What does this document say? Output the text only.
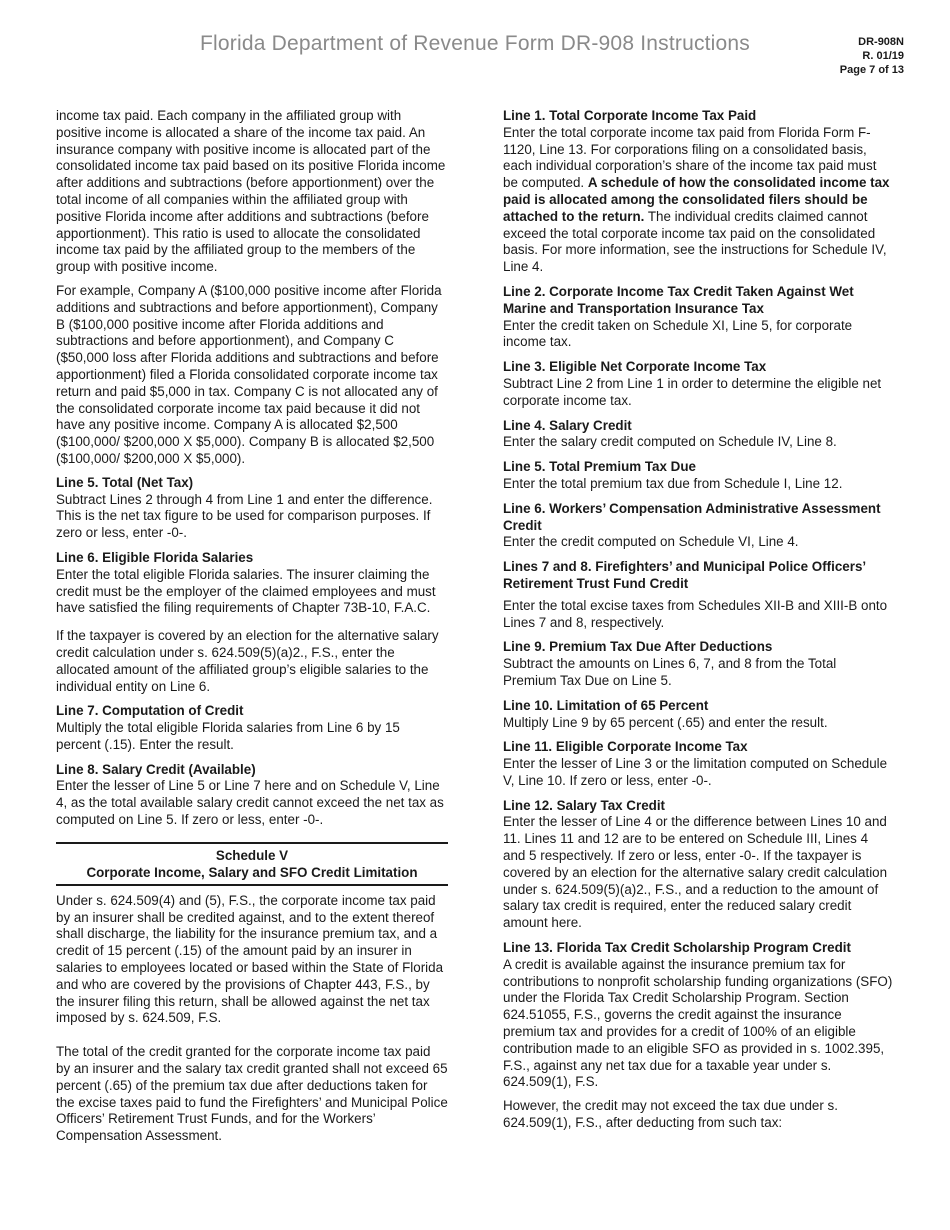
Florida Department of Revenue Form DR-908 Instructions	DR-908N
R. 01/19
Page 7 of 13

income tax paid. Each company in the affiliated group with positive income is allocated a share of the income tax paid. An insurance company with positive income is allocated part of the consolidated income tax paid based on its positive Florida income after additions and subtractions (before apportionment) over the total income of all companies within the affiliated group with positive Florida income after additions and subtractions (before apportionment). This ratio is used to allocate the consolidated income tax paid by the affiliated group to the members of the group with positive income.

For example, Company A ($100,000 positive income after Florida additions and subtractions and before apportionment), Company B ($100,000 positive income after Florida additions and subtractions and before apportionment), and Company C ($50,000 loss after Florida additions and subtractions and before apportionment) filed a Florida consolidated corporate income tax return and paid $5,000 in tax. Company C is not allocated any of the consolidated corporate income tax paid because it did not have any positive income. Company A is allocated $2,500 ($100,000/ $200,000 X $5,000). Company B is allocated $2,500 ($100,000/ $200,000 X $5,000).

Line 5. Total (Net Tax)
Subtract Lines 2 through 4 from Line 1 and enter the difference. This is the net tax figure to be used for comparison purposes. If zero or less, enter -0-.
Line 6. Eligible Florida Salaries

Enter the total eligible Florida salaries. The insurer claiming the credit must be the employer of the claimed employees and must have satisfied the filing requirements of Chapter 73B-10, F.A.C.

If the taxpayer is covered by an election for the alternative salary credit calculation under s. 624.509(5)(a)2., F.S., enter the allocated amount of the affiliated group’s eligible salaries to the individual entity on Line 6.

Line 7. Computation of Credit
Multiply the total eligible Florida salaries from Line 6 by 15 percent (.15). Enter the result.
Line 8. Salary Credit (Available)
Enter the lesser of Line 5 or Line 7 here and on Schedule V, Line 4, as the total available salary credit cannot exceed the net tax as computed on Line 5. If zero or less, enter -0-.
Schedule V
Corporate Income, Salary and SFO Credit Limitation

Under s. 624.509(4) and (5), F.S., the corporate income tax paid by an insurer shall be credited against, and to the extent thereof shall discharge, the liability for the insurance premium tax, and a credit of 15 percent (.15) of the amount paid by an insurer in salaries to employees located or based within the State of Florida and who are covered by the provisions of Chapter 443, F.S., by the insurer filing this return, shall be allowed against the net tax imposed by s. 624.509, F.S.

The total of the credit granted for the corporate income tax paid by an insurer and the salary tax credit granted shall not exceed 65 percent (.65) of the premium tax due after deductions taken for the excise taxes paid to fund the Firefighters’ and Municipal Police Officers’ Retirement Trust Funds, and for the Workers’ Compensation Assessment.

Line 1. Total Corporate Income Tax Paid
Enter the total corporate income tax paid from Florida Form F-1120, Line 13. For corporations filing on a consolidated basis, each individual corporation’s share of the income tax paid must be computed. A schedule of how the consolidated income tax paid is allocated among the consolidated filers should be attached to the return. The individual credits claimed cannot exceed the total corporate income tax paid on the consolidated basis. For more information, see the instructions for Schedule IV, Line 4.
Line 2. Corporate Income Tax Credit Taken Against Wet Marine and Transportation Insurance Tax
Enter the credit taken on Schedule XI, Line 5, for corporate income tax.
Line 3. Eligible Net Corporate Income Tax
Subtract Line 2 from Line 1 in order to determine the eligible net corporate income tax.
Line 4. Salary Credit
Enter the salary credit computed on Schedule IV, Line 8.
Line 5. Total Premium Tax Due
Enter the total premium tax due from Schedule I, Line 12.
Line 6. Workers’ Compensation Administrative Assessment Credit
Enter the credit computed on Schedule VI, Line 4.
Lines 7 and 8. Firefighters’ and Municipal Police Officers’ Retirement Trust Fund Credit
Enter the total excise taxes from Schedules XII-B and XIII-B onto Lines 7 and 8, respectively.
Line 9. Premium Tax Due After Deductions
Subtract the amounts on Lines 6, 7, and 8 from the Total Premium Tax Due on Line 5.
Line 10. Limitation of 65 Percent
Multiply Line 9 by 65 percent (.65) and enter the result.
Line 11. Eligible Corporate Income Tax
Enter the lesser of Line 3 or the limitation computed on Schedule V, Line 10. If zero or less, enter -0-.
Line 12. Salary Tax Credit
Enter the lesser of Line 4 or the difference between Lines 10 and 11. Lines 11 and 12 are to be entered on Schedule III, Lines 4 and 5 respectively. If zero or less, enter -0-. If the taxpayer is covered by an election for the alternative salary credit calculation under s. 624.509(5)(a)2., F.S., and a reduction to the amount of salary tax credit is required, enter the reduced salary credit amount here.
Line 13. Florida Tax Credit Scholarship Program Credit

A credit is available against the insurance premium tax for contributions to nonprofit scholarship funding organizations (SFO) under the Florida Tax Credit Scholarship Program. Section 624.51055, F.S., governs the credit against the insurance premium tax and provides for a credit of 100% of an eligible contribution made to an eligible SFO as provided in s. 1002.395, F.S., against any net tax due for a taxable year under s. 624.509(1), F.S.

However, the credit may not exceed the tax due under s. 624.509(1), F.S., after deducting from such tax:
